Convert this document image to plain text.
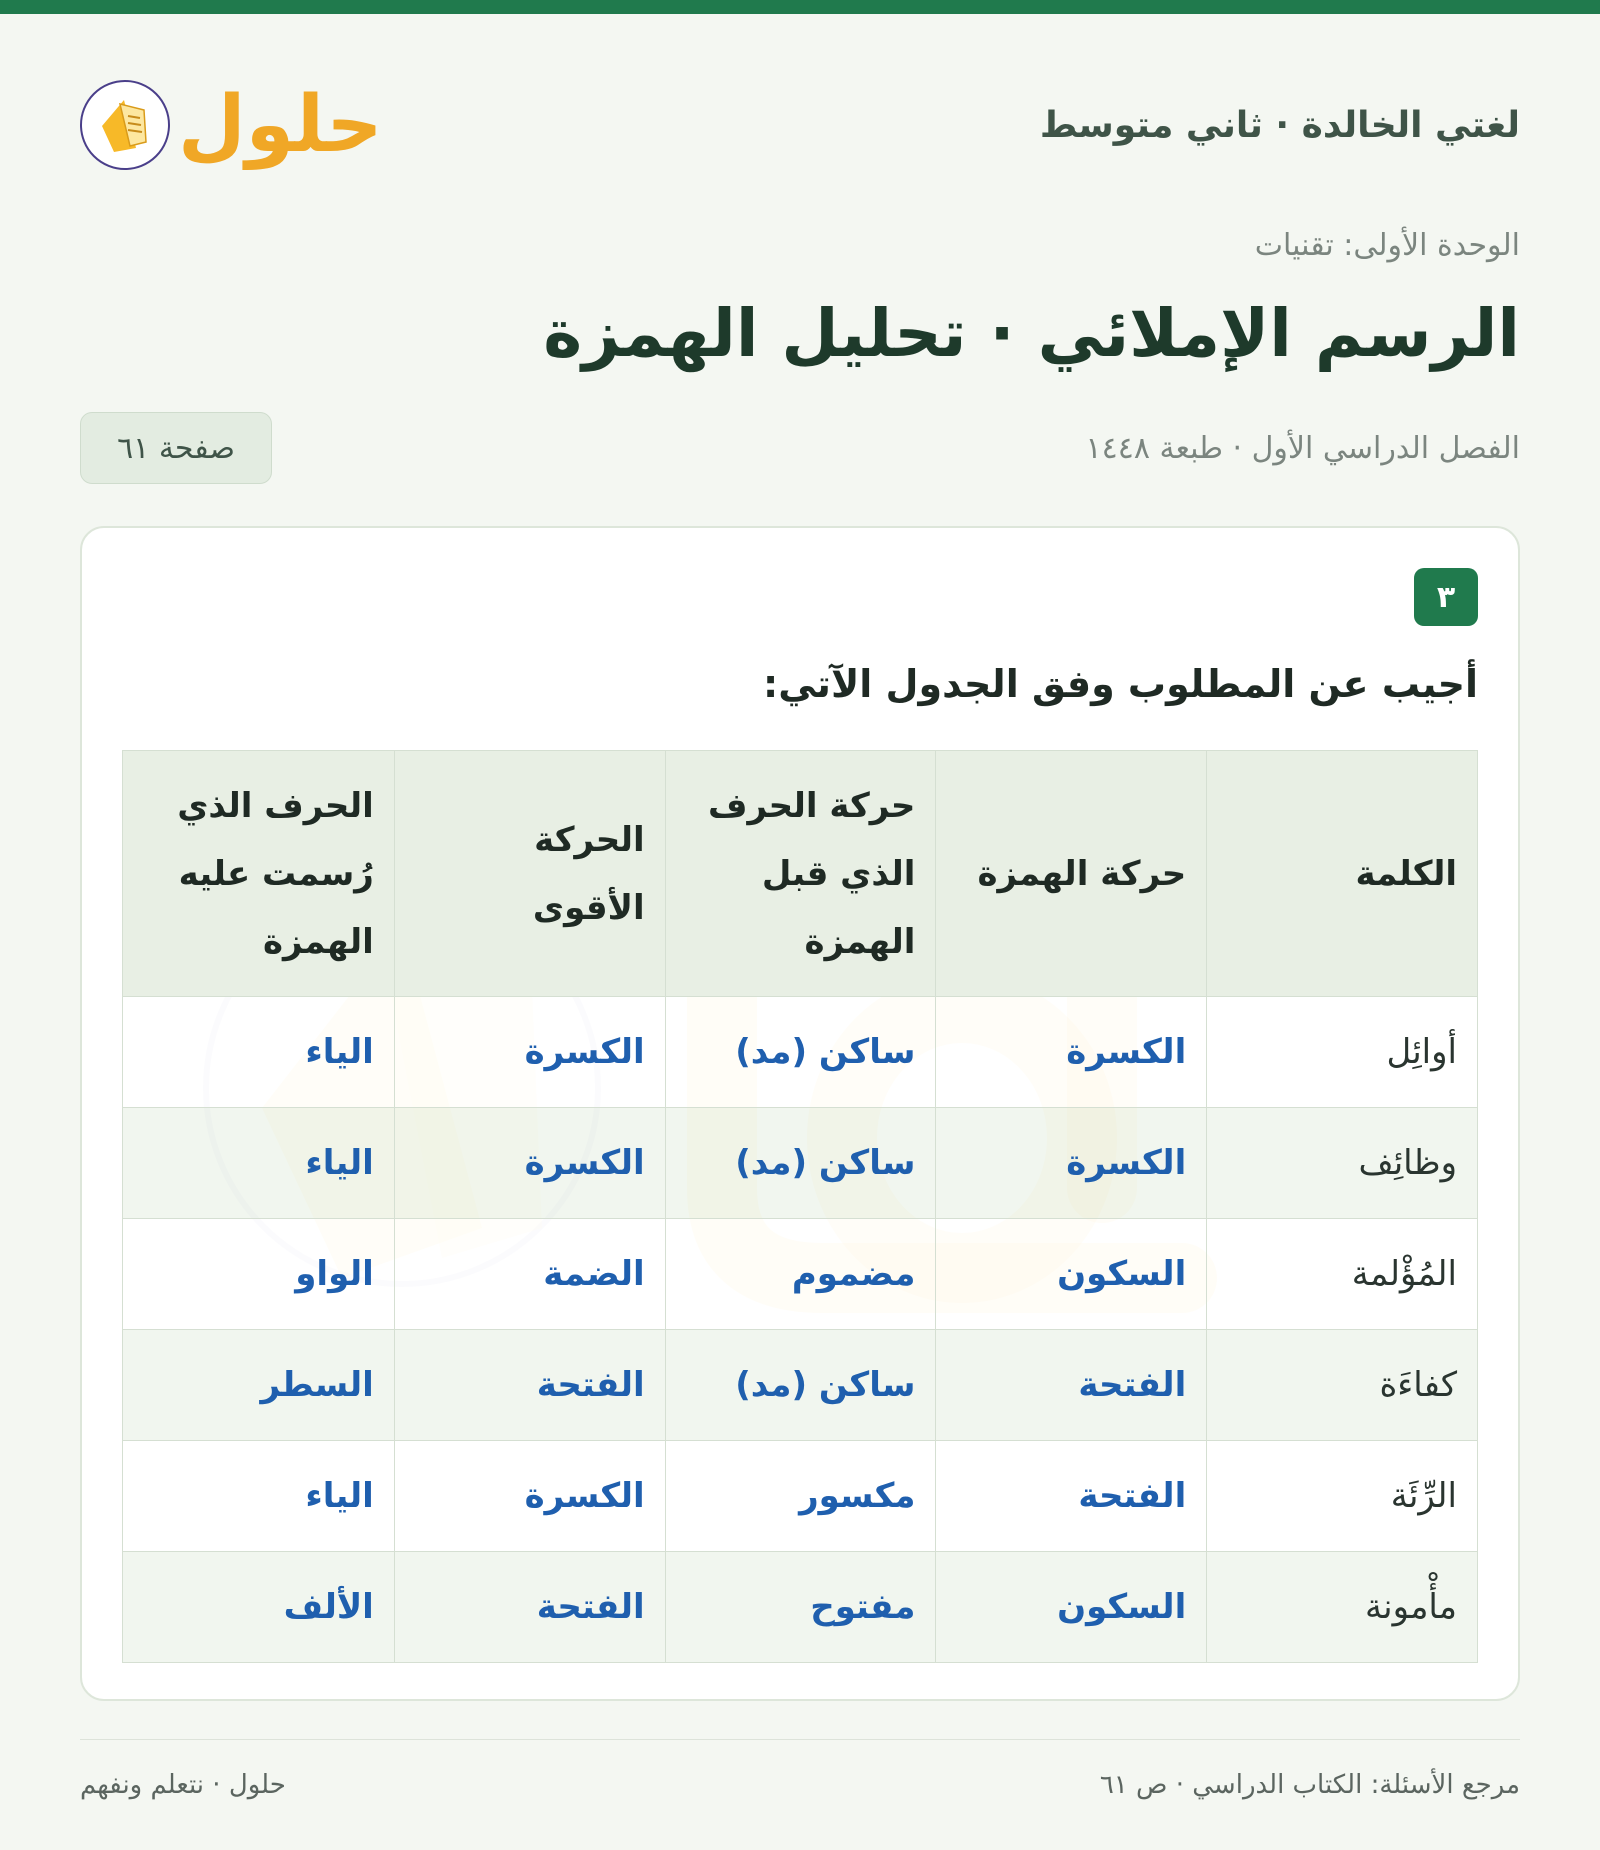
لغتي الخالدة · ثاني متوسط
حلول
الوحدة الأولى: تقنيات
الرسم الإملائي · تحليل الهمزة
الفصل الدراسي الأول · طبعة ١٤٤٨
صفحة ٦١
٣
أجيب عن المطلوب وفق الجدول الآتي:
الكلمة	حركة الهمزة	حركة الحرف الذي قبل الهمزة	الحركة الأقوى	الحرف الذي رُسمت عليه الهمزة
أوائِل	الكسرة	ساكن (مد)	الكسرة	الياء
وظائِف	الكسرة	ساكن (مد)	الكسرة	الياء
المُؤْلمة	السكون	مضموم	الضمة	الواو
كفاءَة	الفتحة	ساكن (مد)	الفتحة	السطر
الرِّئَة	الفتحة	مكسور	الكسرة	الياء
مأْمونة	السكون	مفتوح	الفتحة	الألف
مرجع الأسئلة: الكتاب الدراسي · ص ٦١
حلول · نتعلم ونفهم
